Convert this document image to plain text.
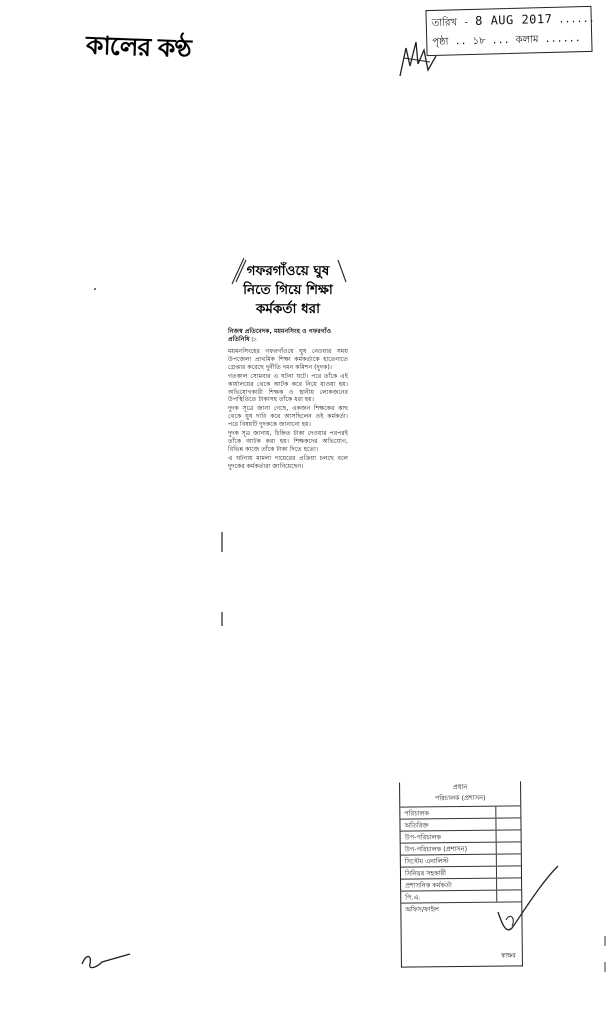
কালের কণ্ঠ
তারিখ - 8 AUG 2017 ......
পৃষ্ঠা .. ১৮ ... কলাম ......
গফরগাঁওয়ে ঘুষ
নিতে গিয়ে শিক্ষা
কর্মকর্তা ধরা
নিজস্ব প্রতিবেদক, ময়মনসিংহ ও গফরগাঁও প্রতিনিধি ▷

ময়মনসিংহের গফরগাঁওয়ে ঘুষ নেওয়ার সময় উপজেলা প্রাথমিক শিক্ষা কর্মকর্তাকে হাতেনাতে গ্রেপ্তার করেছে দুর্নীতি দমন কমিশন (দুদক)।

গতকাল সোমবার এ ঘটনা ঘটে। পরে তাঁকে এই কার্যালয়ের থেকে আটক করে নিয়ে যাওয়া হয়। অভিযোগকারী শিক্ষক ও স্থানীয় লোকজনের উপস্থিতিতে টাকাসহ তাঁকে ধরা হয়।

দুদক সূত্রে জানা গেছে, একজন শিক্ষকের কাছ থেকে ঘুষ দাবি করে আসছিলেন ওই কর্মকর্তা। পরে বিষয়টি দুদককে জানানো হয়।

দুদক সূত্র জানায়, চিহ্নিত টাকা দেওয়ার পরপরই তাঁকে আটক করা হয়। শিক্ষকদের অভিযোগ, বিভিন্ন কাজে তাঁকে টাকা দিতে হতো।

এ ঘটনায় মামলা দায়েরের প্রক্রিয়া চলছে বলে দুদকের কর্মকর্তারা জানিয়েছেন।

প্রধান
পরিচালক (প্রশাসন)
পরিচালক
অতিরিক্ত
উপ-পরিচালক
উপ-পরিচালক (প্রশাসন)
সিস্টেম এনালিস্ট
সিনিয়র সহকারী
প্রশাসনিক কর্মকর্তা
পি.এ.
অফিস/ফাইল
স্বাক্ষর
